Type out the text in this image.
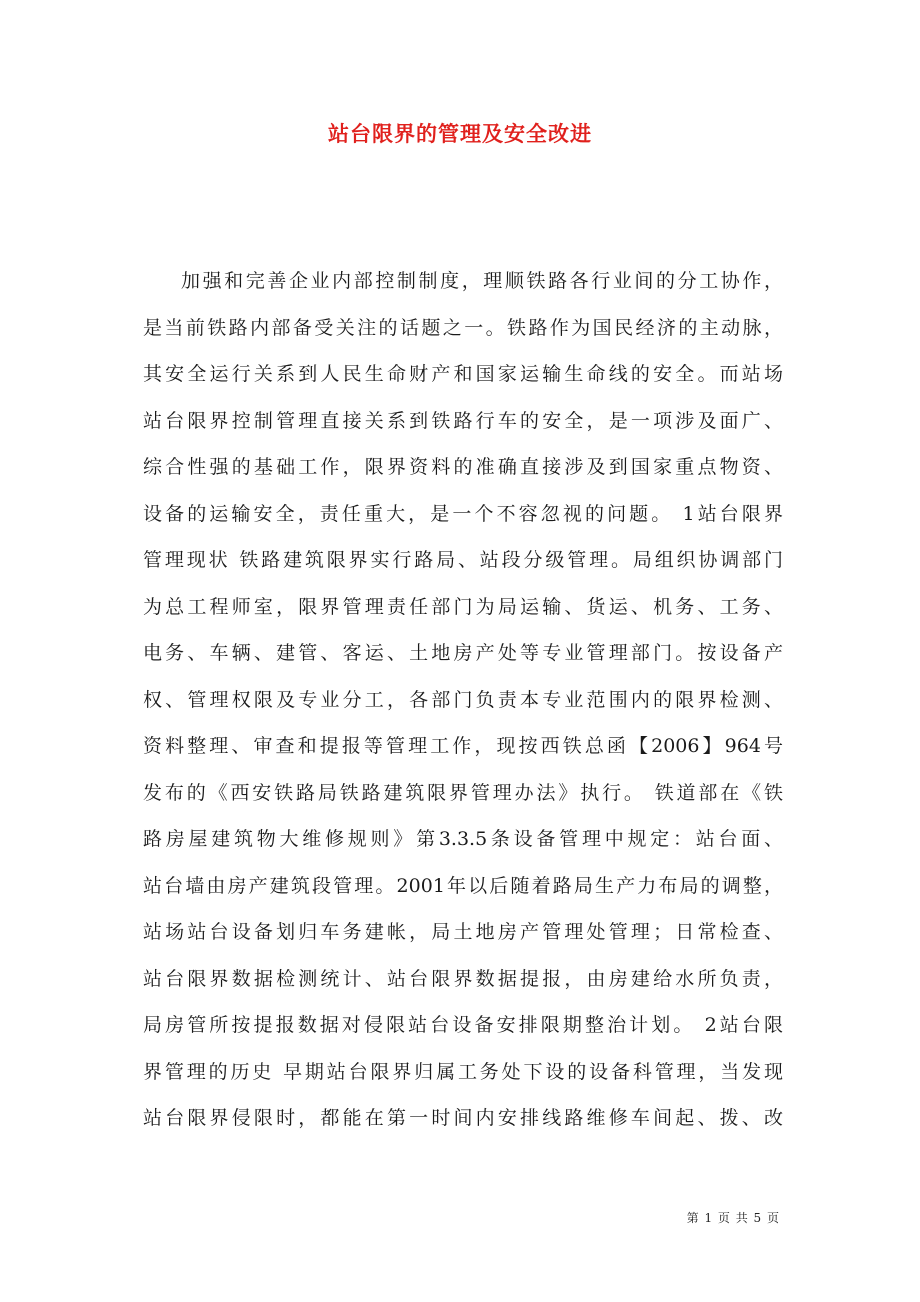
站台限界的管理及安全改进
加强和完善企业内部控制制度，理顺铁路各行业间的分工协作，
是当前铁路内部备受关注的话题之一。铁路作为国民经济的主动脉，
其安全运行关系到人民生命财产和国家运输生命线的安全。而站场
站台限界控制管理直接关系到铁路行车的安全，是一项涉及面广、
综合性强的基础工作，限界资料的准确直接涉及到国家重点物资、
设备的运输安全，责任重大，是一个不容忽视的问题。 1站台限界
管理现状 铁路建筑限界实行路局、站段分级管理。局组织协调部门
为总工程师室，限界管理责任部门为局运输、货运、机务、工务、
电务、车辆、建管、客运、土地房产处等专业管理部门。按设备产
权、管理权限及专业分工，各部门负责本专业范围内的限界检测、
资料整理、审查和提报等管理工作，现按西铁总函【2006】964号
发布的《西安铁路局铁路建筑限界管理办法》执行。 铁道部在《铁
路房屋建筑物大维修规则》第3.3.5条设备管理中规定：站台面、
站台墙由房产建筑段管理。2001年以后随着路局生产力布局的调整，
站场站台设备划归车务建帐，局土地房产管理处管理；日常检查、
站台限界数据检测统计、站台限界数据提报，由房建给水所负责，
局房管所按提报数据对侵限站台设备安排限期整治计划。 2站台限
界管理的历史 早期站台限界归属工务处下设的设备科管理，当发现
站台限界侵限时，都能在第一时间内安排线路维修车间起、拨、改
第 1 页 共 5 页
